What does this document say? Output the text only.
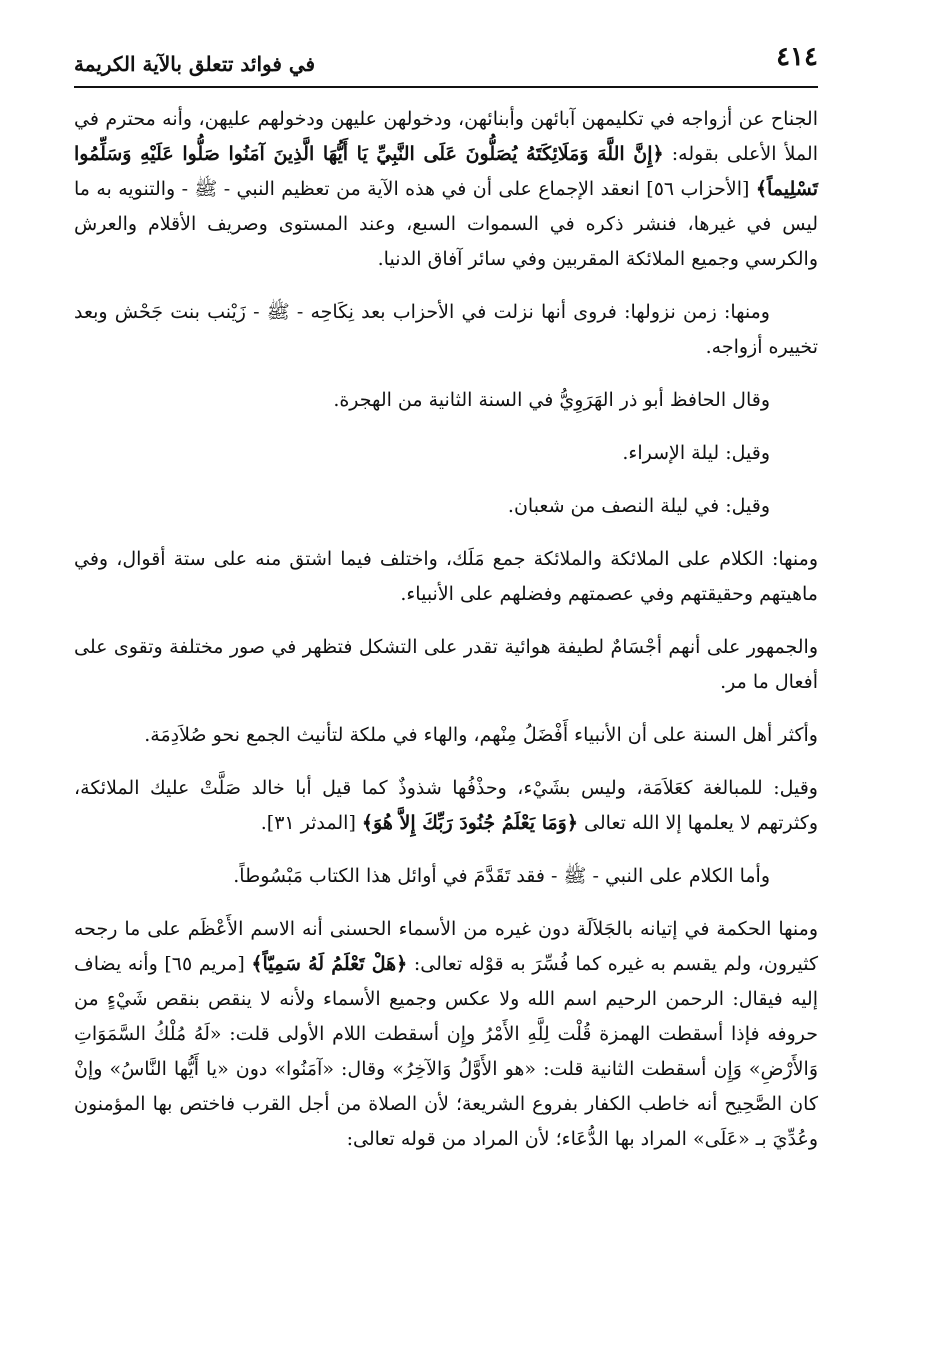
٤١٤
في فوائد تتعلق بالآية الكريمة

الجناح عن أزواجه في تكليمهن آبائهن وأبنائهن، ودخولهن عليهن ودخولهم عليهن، وأنه محترم في الملأ الأعلى بقوله: ﴿إِنَّ اللَّهَ وَمَلَائِكَتَهُ يُصَلُّونَ عَلَى النَّبِيِّ يَا أَيُّهَا الَّذِينَ آمَنُوا صَلُّوا عَلَيْهِ وَسَلِّمُوا تَسْلِيماً﴾ [الأحزاب ٥٦] انعقد الإجماع على أن في هذه الآية من تعظيم النبي - ﷺ - والتنويه به ما ليس في غيرها، فنشر ذكره في السموات السبع، وعند المستوى وصريف الأقلام والعرش والكرسي وجميع الملائكة المقربين وفي سائر آفاق الدنيا.

ومنها: زمن نزولها: فروى أنها نزلت في الأحزاب بعد نِكَاحِه - ﷺ - زَيْنب بنت جَحْش وبعد تخييره أزواجه.

وقال الحافظ أبو ذر الهَرَوِيُّ في السنة الثانية من الهجرة.

وقيل: ليلة الإسراء.

وقيل: في ليلة النصف من شعبان.

ومنها: الكلام على الملائكة والملائكة جمع مَلَك، واختلف فيما اشتق منه على ستة أقوال، وفي ماهيتهم وحقيقتهم وفي عصمتهم وفضلهم على الأنبياء.

والجمهور على أنهم أجْسَامٌ لطيفة هوائية تقدر على التشكل فتظهر في صور مختلفة وتقوى على أفعال ما مر.

وأكثر أهل السنة على أن الأنبياء أَفْضَلُ مِنْهم، والهاء في ملكة لتأنيث الجمع نحو صُلاَدِمَة.

وقيل: للمبالغة كعَلاَمَة، وليس بشَيْء، وحذْفُها شذوذٌ كما قيل أبا خالد صَلَّتْ عليك الملائكة، وكثرتهم لا يعلمها إلا الله تعالى ﴿وَمَا يَعْلَمُ جُنُودَ رَبِّكَ إِلاَّ هُوَ﴾ [المدثر ٣١].

وأما الكلام على النبي - ﷺ - فقد تَقَدَّمَ في أوائل هذا الكتاب مَبْسُوطاً.

ومنها الحكمة في إتيانه بالجَلاَلَة دون غيره من الأسماء الحسنى أنه الاسم الأَعْظَم على ما رجحه كثيرون، ولم يقسم به غيره كما فُسِّرَ به قوْله تعالى: ﴿هَلْ تَعْلَمُ لَهُ سَمِيّاً﴾ [مريم ٦٥] وأنه يضاف إليه فيقال: الرحمن الرحيم اسم الله ولا عكس وجميع الأسماء ولأنه لا ينقص بنقص شَيْءٍ من حروفه فإذا أسقطت الهمزة قُلْت لِلَّهِ الأَمْرُ وإِن أسقطت اللام الأولى قلت: «لَهُ مُلْكُ السَّمَوَاتِ وَالأَرْضِ» وَإِن أسقطت الثانية قلت: «هو الأَوَّلُ وَالآخِرُ» وقال: «آمَنُوا» دون «يا أَيُّها النَّاسُ» وإنْ كان الصَّحِيح أنه خاطب الكفار بفروع الشريعة؛ لأن الصلاة من أجل القرب فاختص بها المؤمنون وعُدِّيَ بـ «عَلَى» المراد بها الدُّعَاء؛ لأن المراد من قوله تعالى:
